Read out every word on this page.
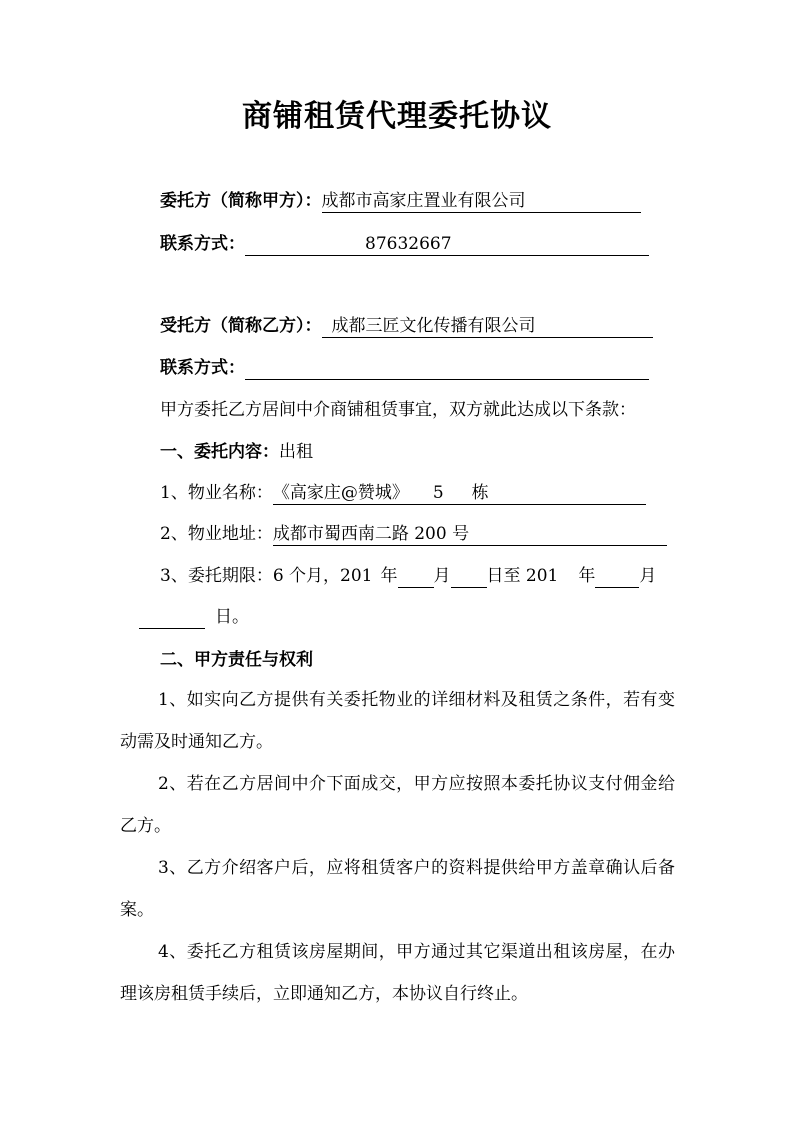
商铺租赁代理委托协议
委托方（简称甲方）：成都市高家庄置业有限公司
联系方式：	87632667
受托方（简称乙方）： 成都三匠文化传播有限公司
联系方式：
甲方委托乙方居间中介商铺租赁事宜，双方就此达成以下条款：
一、委托内容：出租
1、物业名称：《高家庄@赞城》 5 栋
2、物业地址：成都市蜀西南二路 200 号
3、委托期限：6 个月，201 年 月 日至 201 年	月
日。
二、甲方责任与权利
1、如实向乙方提供有关委托物业的详细材料及租赁之条件，若有变动需及时通知乙方。
2、若在乙方居间中介下面成交，甲方应按照本委托协议支付佣金给乙方。
3、乙方介绍客户后，应将租赁客户的资料提供给甲方盖章确认后备案。
4、委托乙方租赁该房屋期间，甲方通过其它渠道出租该房屋，在办理该房租赁手续后，立即通知乙方，本协议自行终止。
